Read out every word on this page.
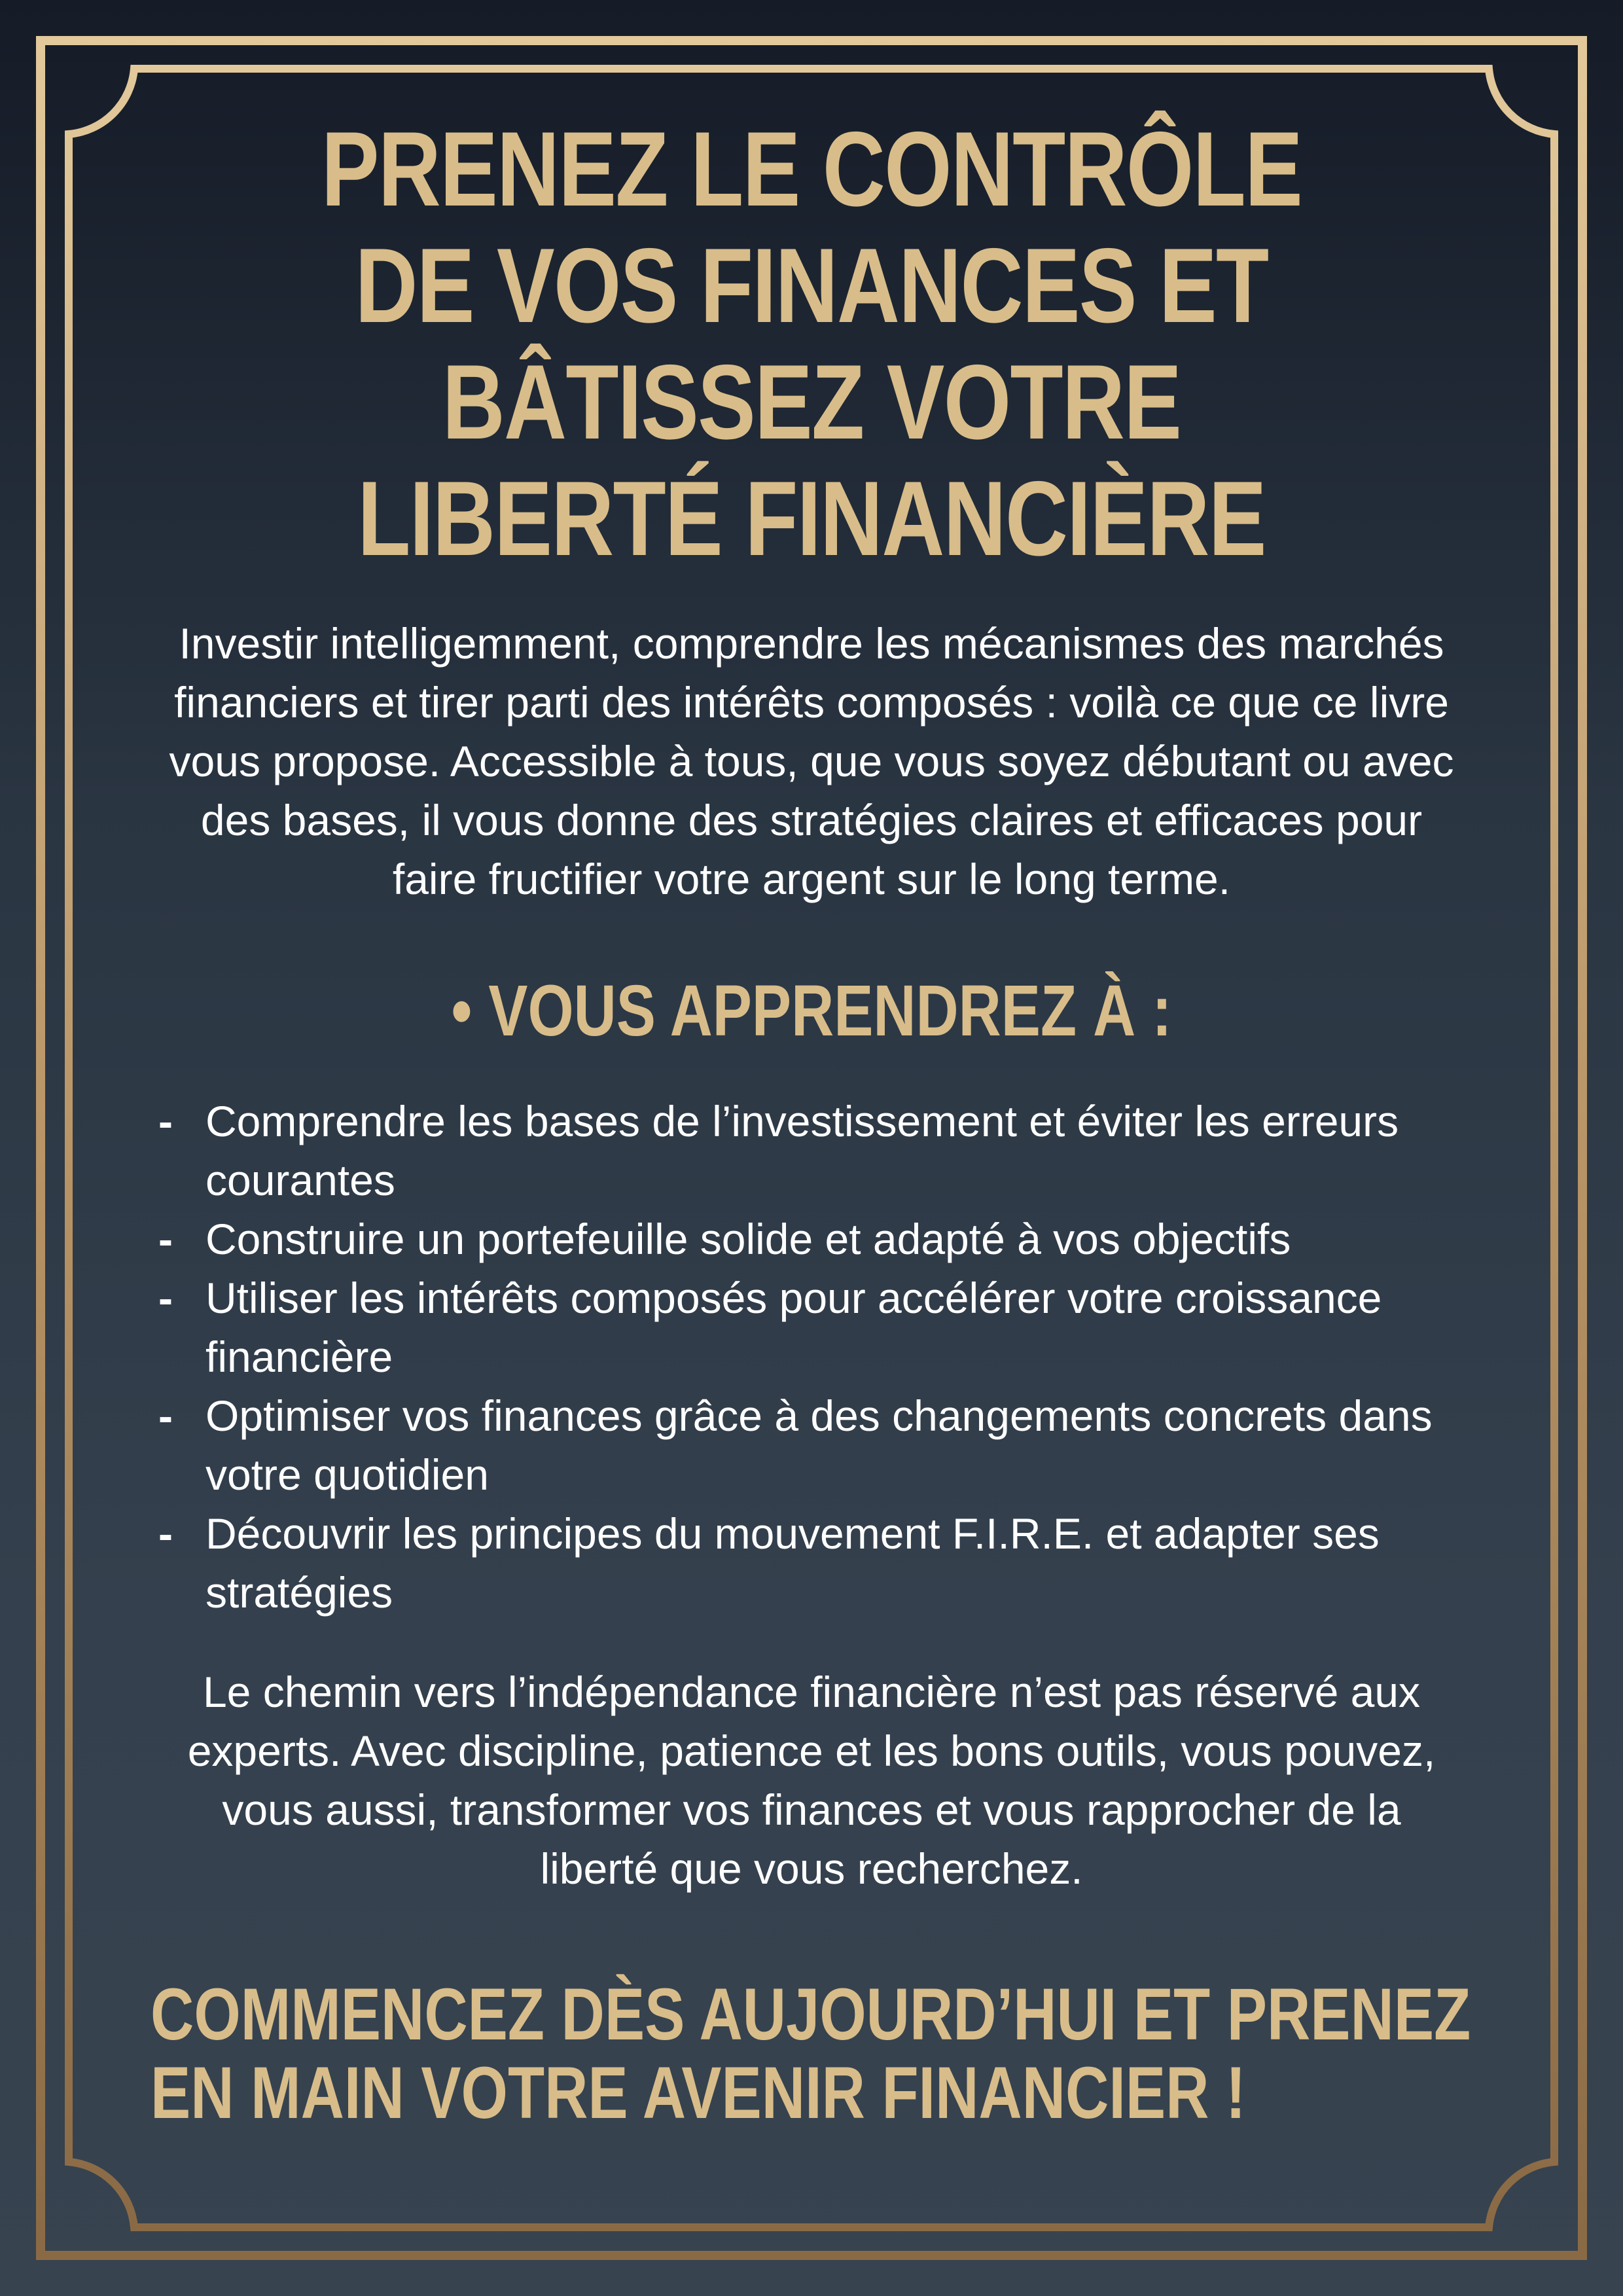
PRENEZ LE CONTRÔLE DE VOS FINANCES ET BÂTISSEZ VOTRE LIBERTÉ FINANCIÈRE

Investir intelligemment, comprendre les mécanismes des marchés financiers et tirer parti des intérêts composés : voilà ce que ce livre vous propose. Accessible à tous, que vous soyez débutant ou avec des bases, il vous donne des stratégies claires et efficaces pour faire fructifier votre argent sur le long terme.

• VOUS APPRENDREZ À :
- Comprendre les bases de l’investissement et éviter les erreurs courantes
- Construire un portefeuille solide et adapté à vos objectifs
- Utiliser les intérêts composés pour accélérer votre croissance financière
- Optimiser vos finances grâce à des changements concrets dans votre quotidien
- Découvrir les principes du mouvement F.I.R.E. et adapter ses stratégies

Le chemin vers l’indépendance financière n’est pas réservé aux experts. Avec discipline, patience et les bons outils, vous pouvez, vous aussi, transformer vos finances et vous rapprocher de la liberté que vous recherchez.

COMMENCEZ DÈS AUJOURD’HUI ET PRENEZ EN MAIN VOTRE AVENIR FINANCIER !
